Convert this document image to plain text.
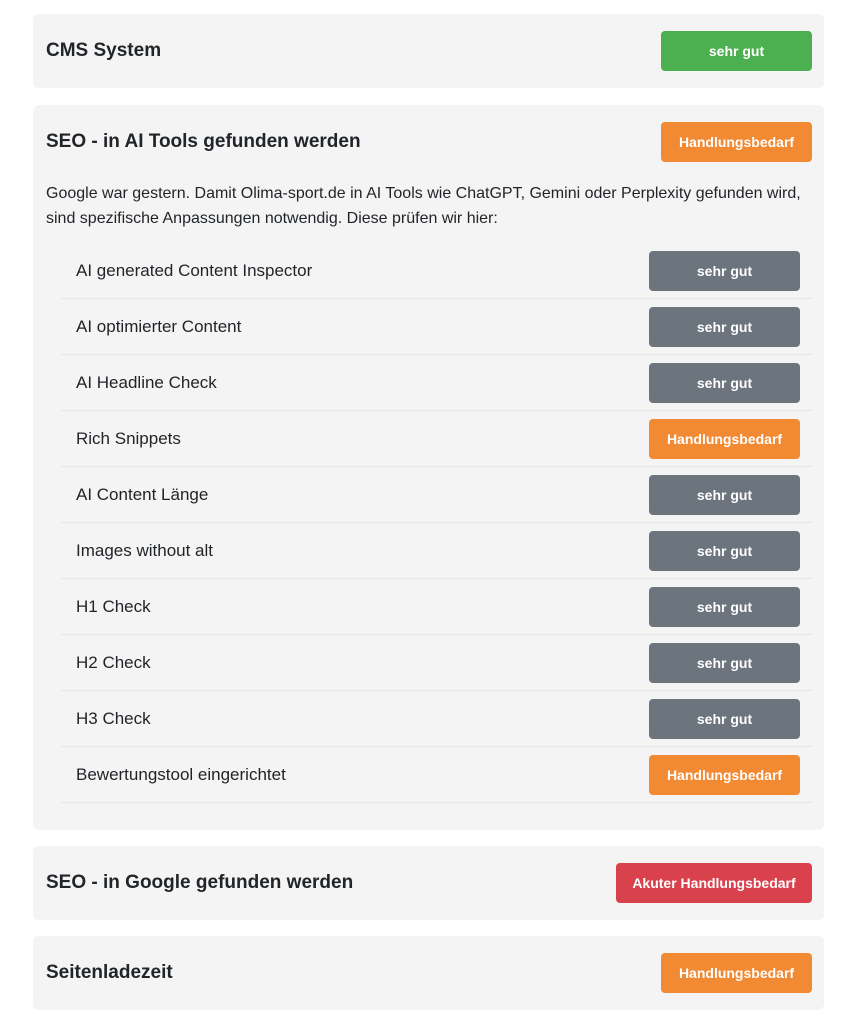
CMS System	sehr gut
SEO - in AI Tools gefunden werden	Handlungsbedarf
Google war gestern. Damit Olima-sport.de in AI Tools wie ChatGPT, Gemini oder Perplexity gefunden wird, sind spezifische Anpassungen notwendig. Diese prüfen wir hier:
AI generated Content Inspector	sehr gut
AI optimierter Content	sehr gut
AI Headline Check	sehr gut
Rich Snippets	Handlungsbedarf
AI Content Länge	sehr gut
Images without alt	sehr gut
H1 Check	sehr gut
H2 Check	sehr gut
H3 Check	sehr gut
Bewertungstool eingerichtet	Handlungsbedarf
SEO - in Google gefunden werden	Akuter Handlungsbedarf
Seitenladezeit	Handlungsbedarf
